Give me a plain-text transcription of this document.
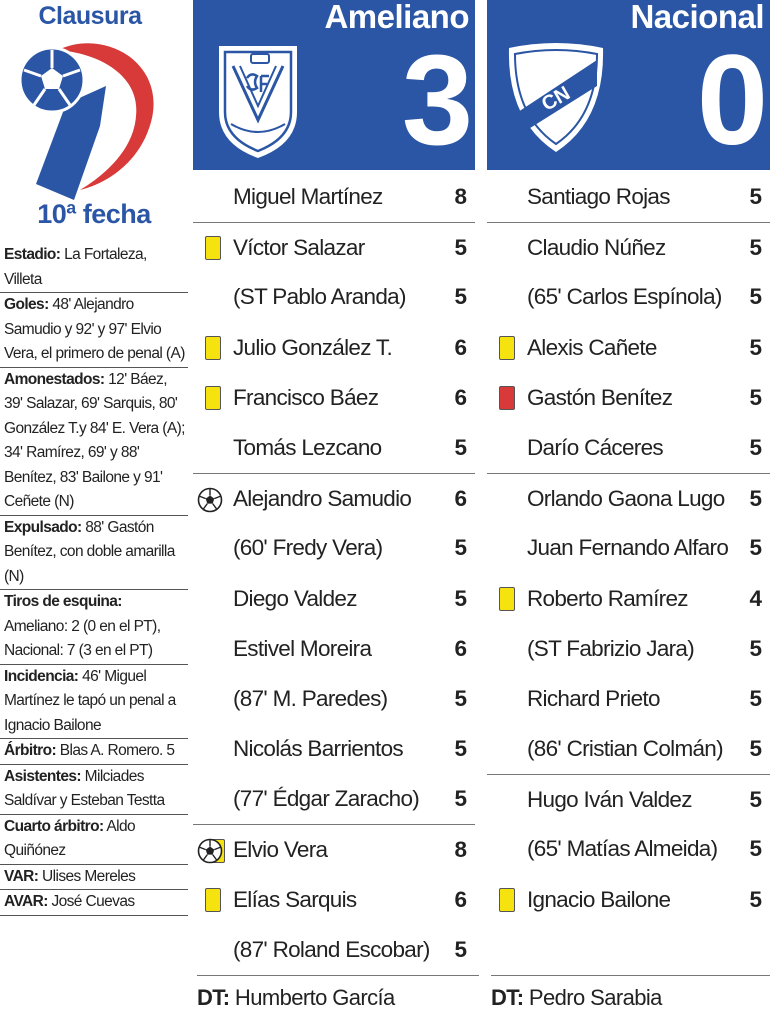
Clausura
10ª fecha
Estadio: La Fortaleza, Villeta
Goles: 48' Alejandro Samudio y 92' y 97' Elvio Vera, el primero de penal (A)
Amonestados: 12' Báez, 39' Salazar, 69' Sarquis, 80' González T.y 84' E. Vera (A); 34' Ramírez, 69' y 88' Benítez, 83' Bailone y 91' Ceñete (N)
Expulsado: 88' Gastón Benítez, con doble amarilla (N)
Tiros de esquina: Ameliano: 2 (0 en el PT), Nacional: 7 (3 en el PT)
Incidencia: 46' Miguel Martínez le tapó un penal a Ignacio Bailone
Árbitro: Blas A. Romero. 5
Asistentes: Milciades Saldívar y Esteban Testta
Cuarto árbitro: Aldo Quiñónez
VAR: Ulises Mereles
AVAR: José Cuevas
Ameliano
3
Miguel Martínez	8
Víctor Salazar	5
(ST Pablo Aranda) 5
Julio González T.	6
Francisco Báez	6
Tomás Lezcano	5
Alejandro Samudio 6
(60' Fredy Vera)	5
Diego Valdez	5
Estivel Moreira	6
(87' M. Paredes)	5
Nicolás Barrientos 5
(77' Édgar Zaracho) 5
Elvio Vera	8
Elías Sarquis	6
(87' Roland Escobar) 5
DT: Humberto García
Nacional
0
CN
Santiago Rojas	5
Claudio Núñez	5
(65' Carlos Espínola) 5
Alexis Cañete	5
Gastón Benítez	5
Darío Cáceres	5
Orlando Gaona Lugo 5
Juan Fernando Alfaro 5
Roberto Ramírez	4
(ST Fabrizio Jara) 5
Richard Prieto	5
(86' Cristian Colmán) 5
Hugo Iván Valdez	5
(65' Matías Almeida) 5
Ignacio Bailone	5
DT: Pedro Sarabia
